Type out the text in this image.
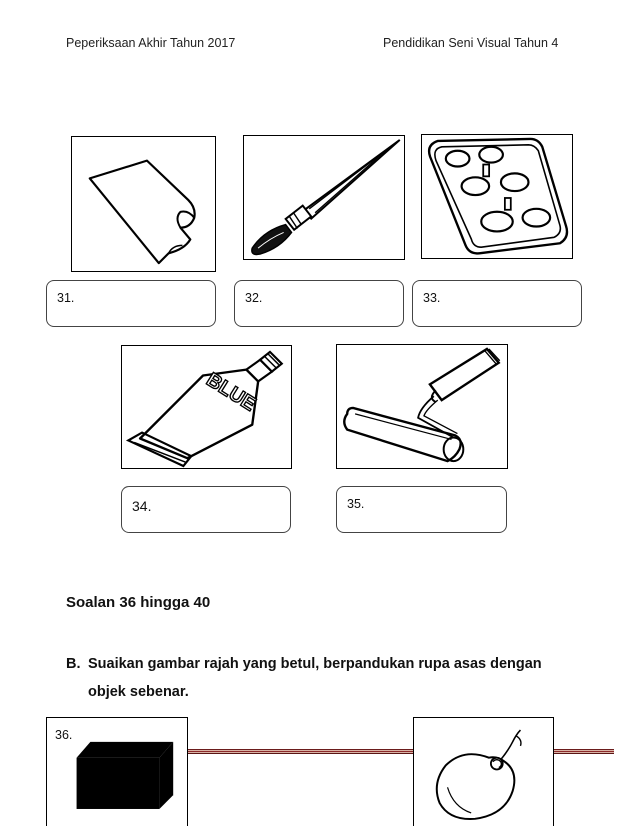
Peperiksaan Akhir Tahun 2017	Pendidikan Seni Visual Tahun 4
31.	32.	33.
BLUE
34.	35.
Soalan 36 hingga 40
B. Suaikan gambar rajah yang betul, berpandukan rupa asas dengan
objek sebenar.
36.
